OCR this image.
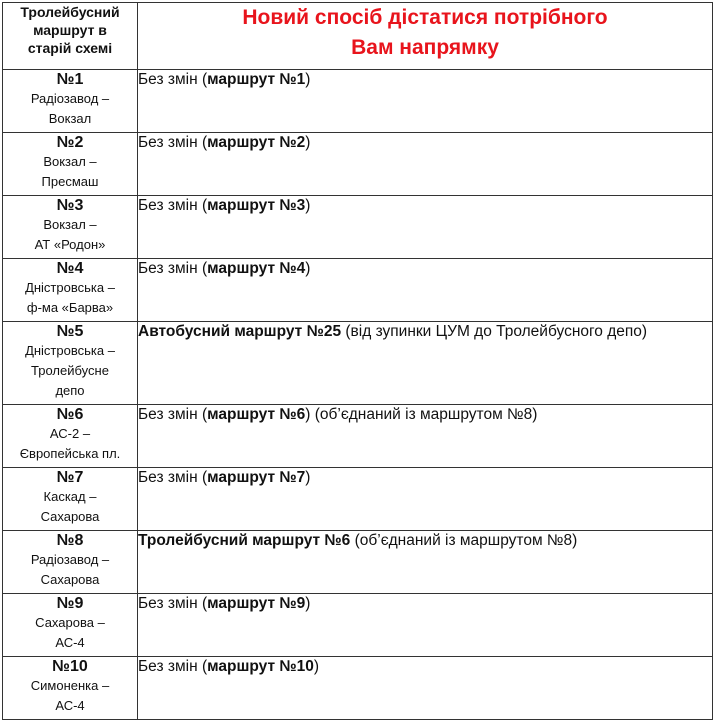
Тролейбусний
маршрут в
старій схемі	Новий спосіб дістатися потрібного
Вам напрямку

№1
Радіозавод –
Вокзал	Без змін (маршрут №1)

№2
Вокзал –
Пресмаш	Без змін (маршрут №2)

№3
Вокзал –
АТ «Родон»	Без змін (маршрут №3)

№4
Дністровська –
ф-ма «Барва»	Без змін (маршрут №4)

№5
Дністровська –
Тролейбусне
депо	Автобусний маршрут №25 (від зупинки ЦУМ до Тролейбусного депо)

№6
АС-2 –
Європейська пл.	Без змін (маршрут №6) (об’єднаний із маршрутом №8)

№7
Каскад –
Сахарова	Без змін (маршрут №7)

№8
Радіозавод –
Сахарова	Тролейбусний маршрут №6 (об’єднаний із маршрутом №8)

№9
Сахарова –
АС-4	Без змін (маршрут №9)

№10
Симоненка –
АС-4	Без змін (маршрут №10)
